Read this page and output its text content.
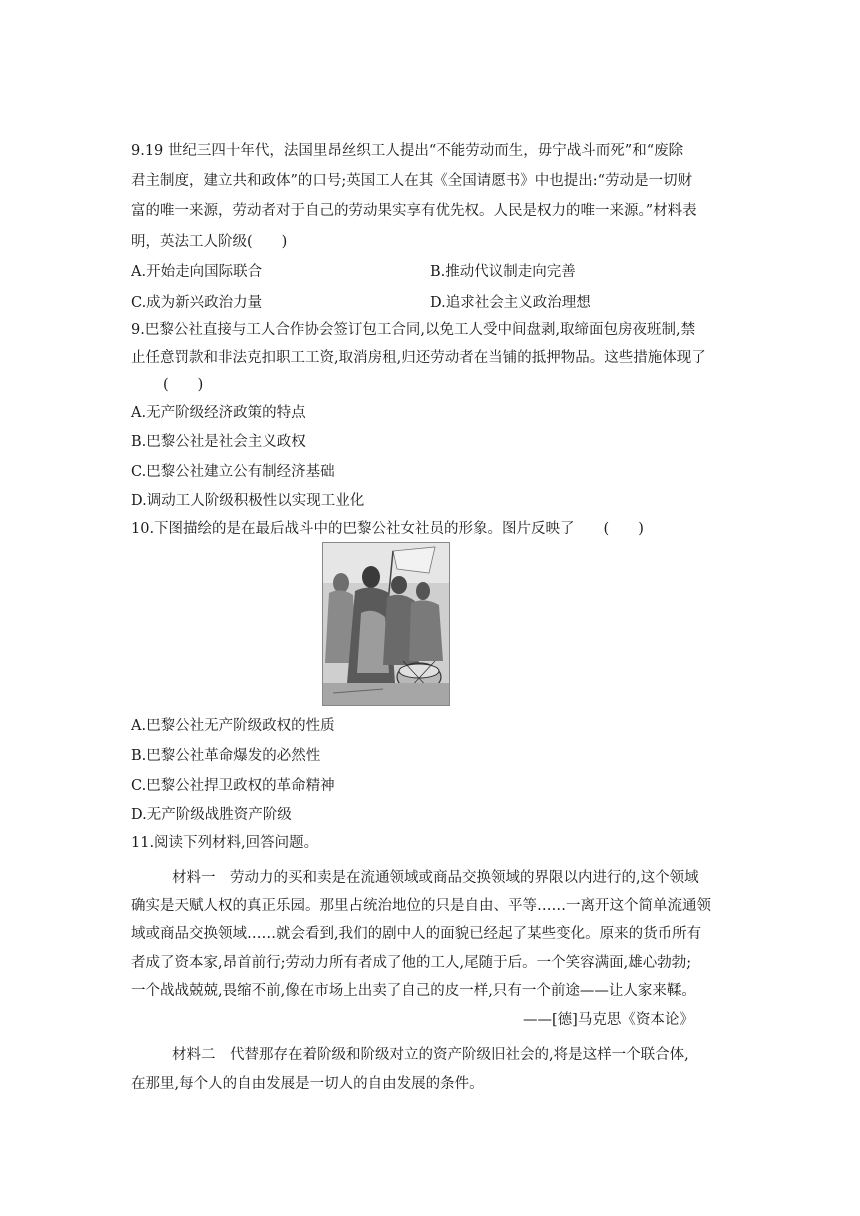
9.19 世纪三四十年代，法国里昂丝织工人提出“不能劳动而生，毋宁战斗而死”和“废除
君主制度，建立共和政体”的口号;英国工人在其《全国请愿书》中也提出:“劳动是一切财
富的唯一来源，劳动者对于自己的劳动果实享有优先权。人民是权力的唯一来源。”材料表
明，英法工人阶级(　　)
A.开始走向国际联合	B.推动代议制走向完善
C.成为新兴政治力量	D.追求社会主义政治理想
9.巴黎公社直接与工人合作协会签订包工合同,以免工人受中间盘剥,取缔面包房夜班制,禁
止任意罚款和非法克扣职工工资,取消房租,归还劳动者在当铺的抵押物品。这些措施体现了
(　　)
A.无产阶级经济政策的特点
B.巴黎公社是社会主义政权
C.巴黎公社建立公有制经济基础
D.调动工人阶级积极性以实现工业化
10.下图描绘的是在最后战斗中的巴黎公社女社员的形象。图片反映了　　(　　)
A.巴黎公社无产阶级政权的性质
B.巴黎公社革命爆发的必然性
C.巴黎公社捍卫政权的革命精神
D.无产阶级战胜资产阶级
11.阅读下列材料,回答问题。
材料一　劳动力的买和卖是在流通领域或商品交换领域的界限以内进行的,这个领域
确实是天赋人权的真正乐园。那里占统治地位的只是自由、平等……一离开这个简单流通领
域或商品交换领域……就会看到,我们的剧中人的面貌已经起了某些变化。原来的货币所有
者成了资本家,昂首前行;劳动力所有者成了他的工人,尾随于后。一个笑容满面,雄心勃勃;
一个战战兢兢,畏缩不前,像在市场上出卖了自己的皮一样,只有一个前途——让人家来鞣。
——[德]马克思《资本论》
材料二　代替那存在着阶级和阶级对立的资产阶级旧社会的,将是这样一个联合体,
在那里,每个人的自由发展是一切人的自由发展的条件。
